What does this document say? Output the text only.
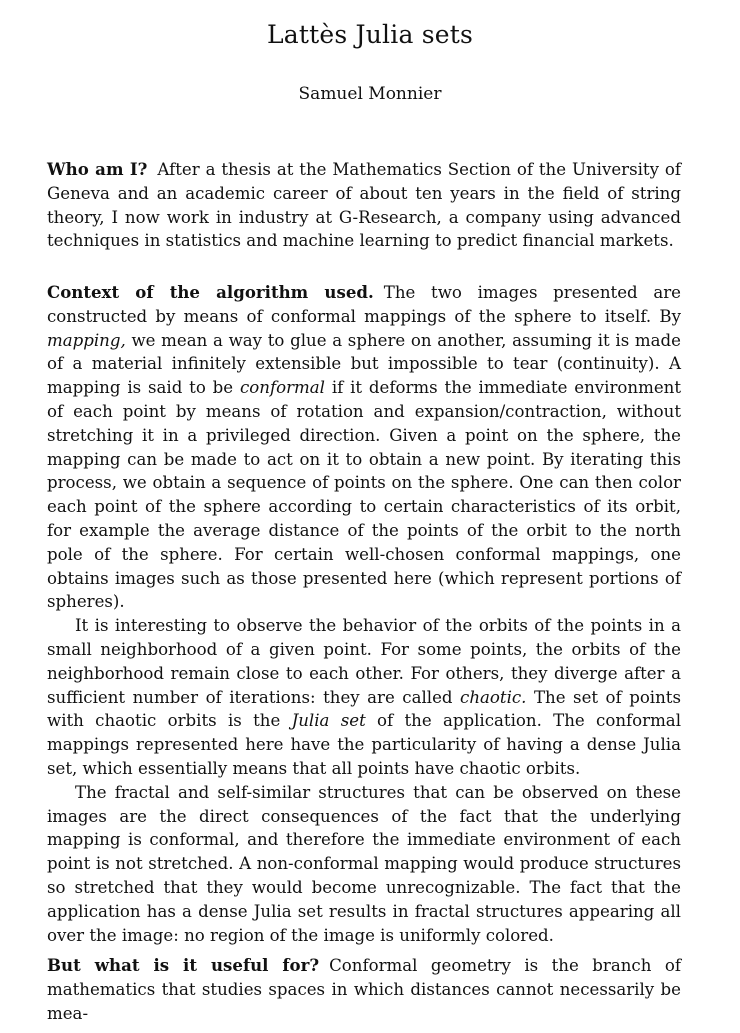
Lattès Julia sets
Samuel Monnier

Who am I? After a thesis at the Mathematics Section of the University of Geneva and an academic career of about ten years in the field of string theory, I now work in industry at G-Research, a company using advanced techniques in statistics and machine learning to predict financial markets.

Context of the algorithm used. The two images presented are constructed by means of conformal mappings of the sphere to itself. By mapping, we mean a way to glue a sphere on another, assuming it is made of a material infinitely extensible but impossible to tear (continuity). A mapping is said to be conformal if it deforms the immediate environment of each point by means of rotation and expansion/contraction, without stretching it in a privileged direction. Given a point on the sphere, the mapping can be made to act on it to obtain a new point. By iterating this process, we obtain a sequence of points on the sphere. One can then color each point of the sphere according to certain characteristics of its orbit, for example the average distance of the points of the orbit to the north pole of the sphere. For certain well-chosen conformal mappings, one obtains images such as those presented here (which represent portions of spheres).

It is interesting to observe the behavior of the orbits of the points in a small neighborhood of a given point. For some points, the orbits of the neighborhood remain close to each other. For others, they diverge after a sufficient number of iterations: they are called chaotic. The set of points with chaotic orbits is the Julia set of the application. The conformal mappings represented here have the particularity of having a dense Julia set, which essentially means that all points have chaotic orbits.

The fractal and self-similar structures that can be observed on these images are the direct consequences of the fact that the underlying mapping is conformal, and therefore the immediate environment of each point is not stretched. A non-conformal mapping would produce structures so stretched that they would become unrecognizable. The fact that the application has a dense Julia set results in fractal structures appearing all over the image: no region of the image is uniformly colored.

But what is it useful for? Conformal geometry is the branch of mathematics that studies spaces in which distances cannot necessarily be mea-
